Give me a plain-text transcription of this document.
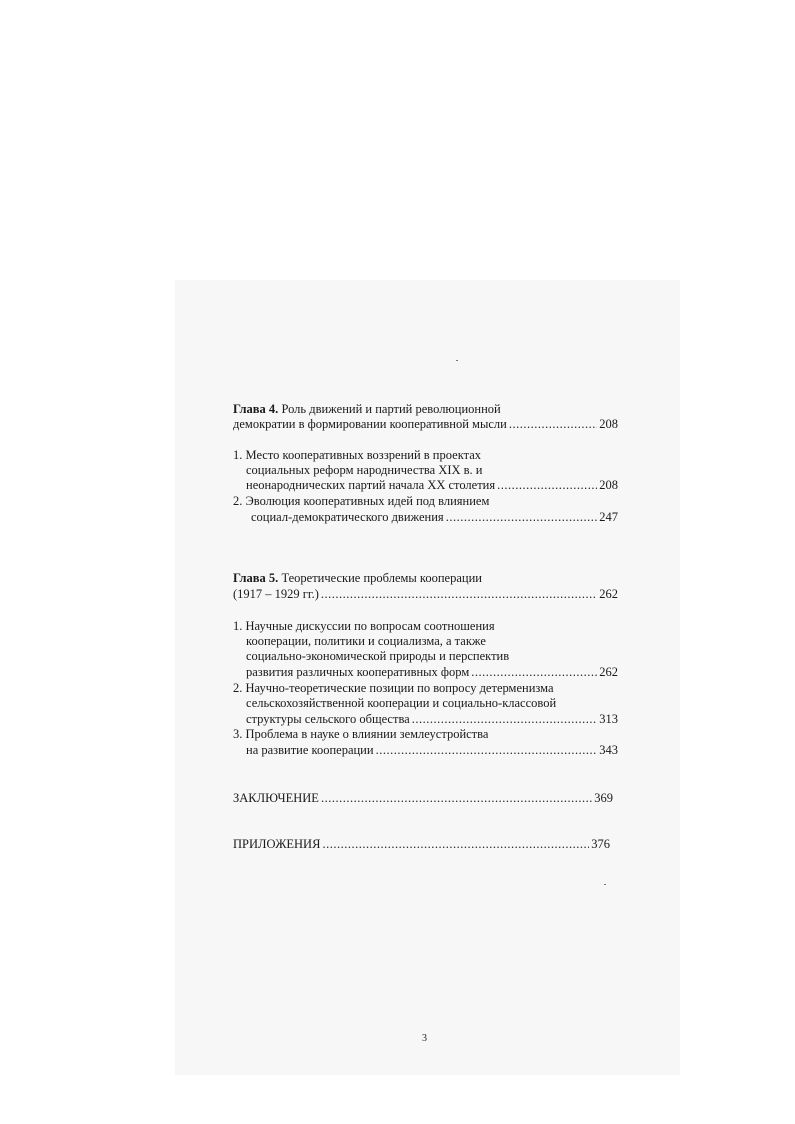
Глава 4. Роль движений и партий революционной
демократии в формировании кооперативной мысли .....	208
1. Место кооперативных воззрений в проектах
социальных реформ народничества XIX в. и
неонароднических партий начала XX столетия .....	208
2. Эволюция кооперативных идей под влиянием
социал-демократического движения .....	247
Глава 5. Теоретические проблемы кооперации
(1917 – 1929 гг.) .....	262
1. Научные дискуссии по вопросам соотношения
кооперации, политики и социализма, а также
социально-экономической природы и перспектив
развития различных кооперативных форм .....	262
2. Научно-теоретические позиции по вопросу детерменизма
сельскохозяйственной кооперации и социально-классовой
структуры сельского общества .....	313
3. Проблема в науке о влиянии землеустройства
на развитие кооперации .....	343
ЗАКЛЮЧЕНИЕ .....	369
ПРИЛОЖЕНИЯ .....	376
3
